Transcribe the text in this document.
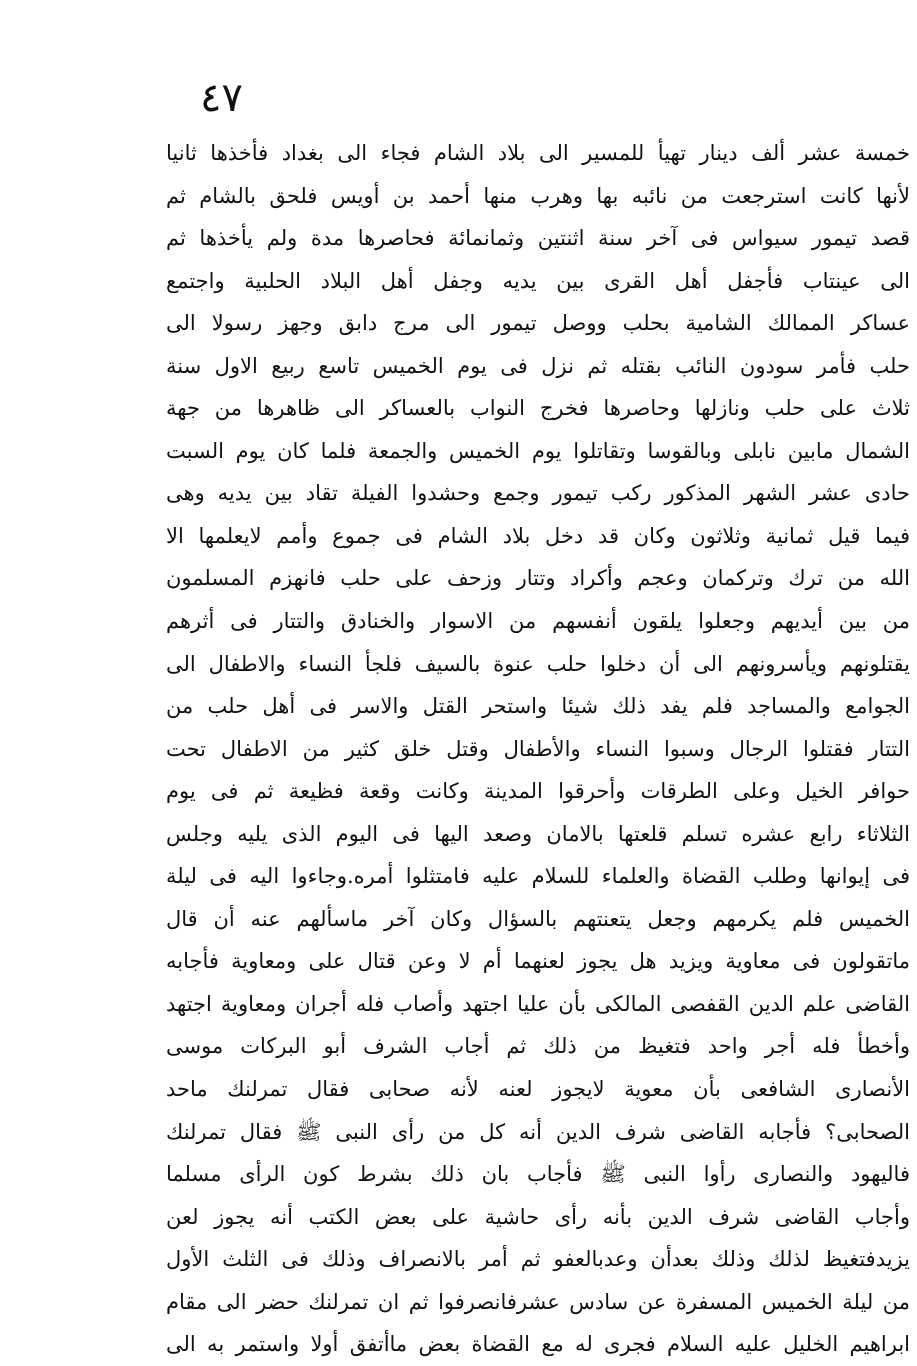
٤٧
خمسة عشر ألف دينار تهيأ للمسير الى بلاد الشام فجاء الى بغداد فأخذها ثانيا
لأنها كانت استرجعت من نائبه بها وهرب منها أحمد بن أويس فلحق بالشام ثم
قصد تيمور سيواس فى آخر سنة اثنتين وثمانمائة فحاصرها مدة ولم يأخذها ثم
الى عينتاب فأجفل أهل القرى بين يديه وجفل أهل البلاد الحلبية واجتمع
عساكر الممالك الشامية بحلب ووصل تيمور الى مرج دابق وجهز رسولا الى
حلب فأمر سودون النائب بقتله ثم نزل فى يوم الخميس تاسع ربيع الاول سنة
ثلاث على حلب ونازلها وحاصرها فخرج النواب بالعساكر الى ظاهرها من جهة
الشمال مابين نابلى وبالقوسا وتقاتلوا يوم الخميس والجمعة فلما كان يوم السبت
حادى عشر الشهر المذكور ركب تيمور وجمع وحشدوا الفيلة تقاد بين يديه وهى
فيما قيل ثمانية وثلاثون وكان قد دخل بلاد الشام فى جموع وأمم لايعلمها الا
الله من ترك وتركمان وعجم وأكراد وتتار وزحف على حلب فانهزم المسلمون
من بين أيديهم وجعلوا يلقون أنفسهم من الاسوار والخنادق والتتار فى أثرهم
يقتلونهم ويأسرونهم الى أن دخلوا حلب عنوة بالسيف فلجأ النساء والاطفال الى
الجوامع والمساجد فلم يفد ذلك شيئا واستحر القتل والاسر فى أهل حلب من
التتار فقتلوا الرجال وسبوا النساء والأطفال وقتل خلق كثير من الاطفال تحت
حوافر الخيل وعلى الطرقات وأحرقوا المدينة وكانت وقعة فظيعة ثم فى يوم
الثلاثاء رابع عشره تسلم قلعتها بالامان وصعد اليها فى اليوم الذى يليه وجلس
فى إيوانها وطلب القضاة والعلماء للسلام عليه فامتثلوا أمره.وجاءوا اليه فى ليلة
الخميس فلم يكرمهم وجعل يتعنتهم بالسؤال وكان آخر ماسألهم عنه أن قال
ماتقولون فى معاوية ويزيد هل يجوز لعنهما أم لا وعن قتال على ومعاوية فأجابه
القاضى علم الدين القفصى المالكى بأن عليا اجتهد وأصاب فله أجران ومعاوية اجتهد
وأخطأ فله أجر واحد فتغيظ من ذلك ثم أجاب الشرف أبو البركات موسى
الأنصارى الشافعى بأن معوية لايجوز لعنه لأنه صحابى فقال تمرلنك ماحد
الصحابى؟ فأجابه القاضى شرف الدين أنه كل من رأى النبى ﷺ فقال تمرلنك
فاليهود والنصارى رأوا النبى ﷺ فأجاب بان ذلك بشرط كون الرأى مسلما
وأجاب القاضى شرف الدين بأنه رأى حاشية على بعض الكتب أنه يجوز لعن
يزيدفتغيظ لذلك وذلك بعدأن وعدبالعفو ثم أمر بالانصراف وذلك فى الثلث الأول
من ليلة الخميس المسفرة عن سادس عشرفانصرفوا ثم ان تمرلنك حضر الى مقام
ابراهيم الخليل عليه السلام فجرى له مع القضاة بعض ماأتفق أولا واستمر به الى
